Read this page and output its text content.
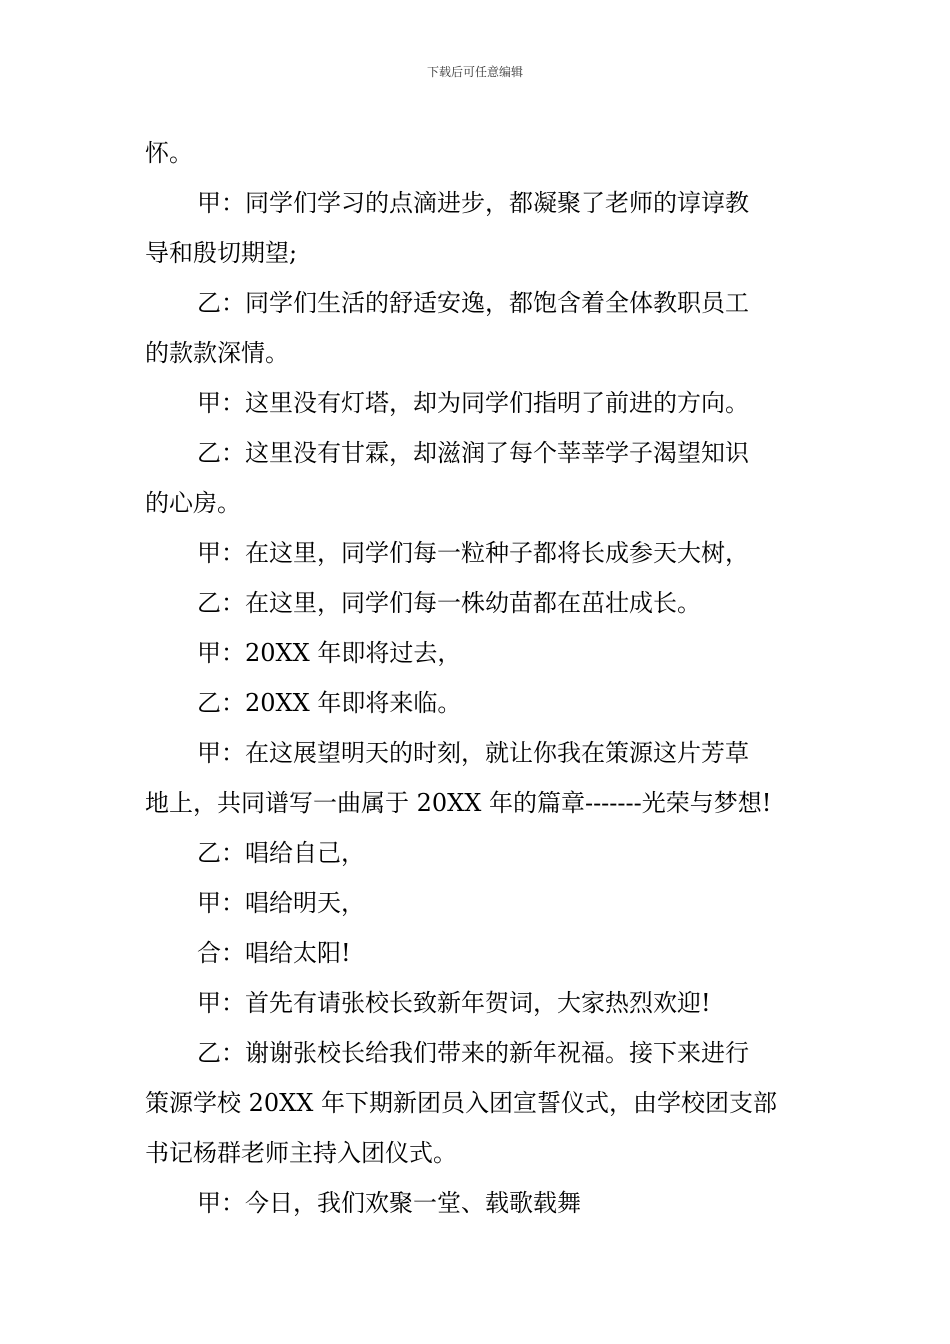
下载后可任意编辑
怀。
甲：同学们学习的点滴进步，都凝聚了老师的谆谆教
导和殷切期望;
乙：同学们生活的舒适安逸，都饱含着全体教职员工
的款款深情。
甲：这里没有灯塔，却为同学们指明了前进的方向。
乙：这里没有甘霖，却滋润了每个莘莘学子渴望知识
的心房。
甲：在这里，同学们每一粒种子都将长成参天大树，
乙：在这里，同学们每一株幼苗都在茁壮成长。
甲：20XX 年即将过去，
乙：20XX 年即将来临。
甲：在这展望明天的时刻，就让你我在策源这片芳草
地上，共同谱写一曲属于 20XX 年的篇章-------光荣与梦想!
乙：唱给自己，
甲：唱给明天，
合：唱给太阳!
甲：首先有请张校长致新年贺词，大家热烈欢迎!
乙：谢谢张校长给我们带来的新年祝福。接下来进行
策源学校 20XX 年下期新团员入团宣誓仪式，由学校团支部
书记杨群老师主持入团仪式。
甲：今日，我们欢聚一堂、载歌载舞
